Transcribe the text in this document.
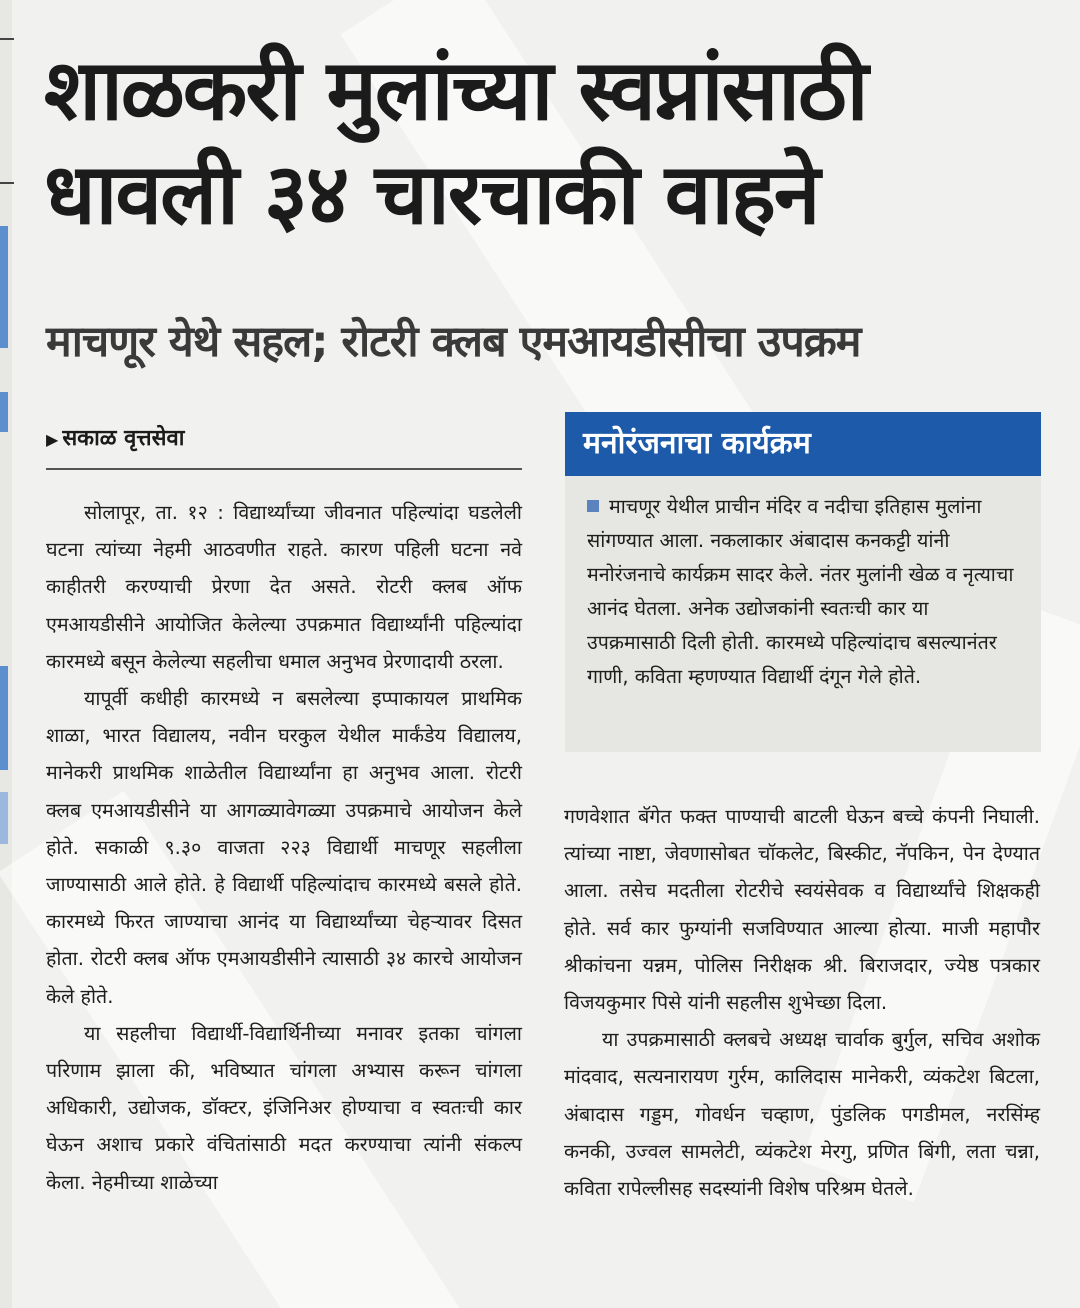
शाळकरी मुलांच्या स्वप्नांसाठी
धावली ३४ चारचाकी वाहने
माचणूर येथे सहल; रोटरी क्लब एमआयडीसीचा उपक्रम
▶ सकाळ वृत्तसेवा

सोलापूर, ता. १२ : विद्यार्थ्यांच्या जीवनात पहिल्यांदा घडलेली घटना त्यांच्या नेहमी आठवणीत राहते. कारण पहिली घटना नवे काहीतरी करण्याची प्रेरणा देत असते. रोटरी क्लब ऑफ एमआयडीसीने आयोजित केलेल्या उपक्रमात विद्यार्थ्यांनी पहिल्यांदा कारमध्ये बसून केलेल्या सहलीचा धमाल अनुभव प्रेरणादायी ठरला.

यापूर्वी कधीही कारमध्ये न बसलेल्या इप्पाकायल प्राथमिक शाळा, भारत विद्यालय, नवीन घरकुल येथील मार्कंडेय विद्यालय, मानेकरी प्राथमिक शाळेतील विद्यार्थ्यांना हा अनुभव आला. रोटरी क्लब एमआयडीसीने या आगळ्यावेगळ्या उपक्रमाचे आयोजन केले होते. सकाळी ९.३० वाजता २२३ विद्यार्थी माचणूर सहलीला जाण्यासाठी आले होते. हे विद्यार्थी पहिल्यांदाच कारमध्ये बसले होते. कारमध्ये फिरत जाण्याचा आनंद या विद्यार्थ्यांच्या चेहऱ्यावर दिसत होता. रोटरी क्लब ऑफ एमआयडीसीने त्यासाठी ३४ कारचे आयोजन केले होते.

या सहलीचा विद्यार्थी-विद्यार्थिनीच्या मनावर इतका चांगला परिणाम झाला की, भविष्यात चांगला अभ्यास करून चांगला अधिकारी, उद्योजक, डॉक्टर, इंजिनिअर होण्याचा व स्वतःची कार घेऊन अशाच प्रकारे वंचितांसाठी मदत करण्याचा त्यांनी संकल्प केला. नेहमीच्या शाळेच्या

मनोरंजनाचा कार्यक्रम
माचणूर येथील प्राचीन मंदिर व नदीचा इतिहास मुलांना सांगण्यात आला. नकलाकार अंबादास कनकट्टी यांनी मनोरंजनाचे कार्यक्रम सादर केले. नंतर मुलांनी खेळ व नृत्याचा आनंद घेतला. अनेक उद्योजकांनी स्वतःची कार या उपक्रमासाठी दिली होती. कारमध्ये पहिल्यांदाच बसल्यानंतर गाणी, कविता म्हणण्यात विद्यार्थी दंगून गेले होते.

गणवेशात बॅगेत फक्त पाण्याची बाटली घेऊन बच्चे कंपनी निघाली. त्यांच्या नाष्टा, जेवणासोबत चॉकलेट, बिस्कीट, नॅपकिन, पेन देण्यात आला. तसेच मदतीला रोटरीचे स्वयंसेवक व विद्यार्थ्यांचे शिक्षकही होते. सर्व कार फुग्यांनी सजविण्यात आल्या होत्या. माजी महापौर श्रीकांचना यन्नम, पोलिस निरीक्षक श्री. बिराजदार, ज्येष्ठ पत्रकार विजयकुमार पिसे यांनी सहलीस शुभेच्छा दिला.

या उपक्रमासाठी क्लबचे अध्यक्ष चार्वाक बुर्गुल, सचिव अशोक मांदवाद, सत्यनारायण गुर्रम, कालिदास मानेकरी, व्यंकटेश बिटला, अंबादास गड्डम, गोवर्धन चव्हाण, पुंडलिक पगडीमल, नरसिंम्ह कनकी, उज्वल सामलेटी, व्यंकटेश मेरगु, प्रणित बिंगी, लता चन्ना, कविता रापेल्लीसह सदस्यांनी विशेष परिश्रम घेतले.
